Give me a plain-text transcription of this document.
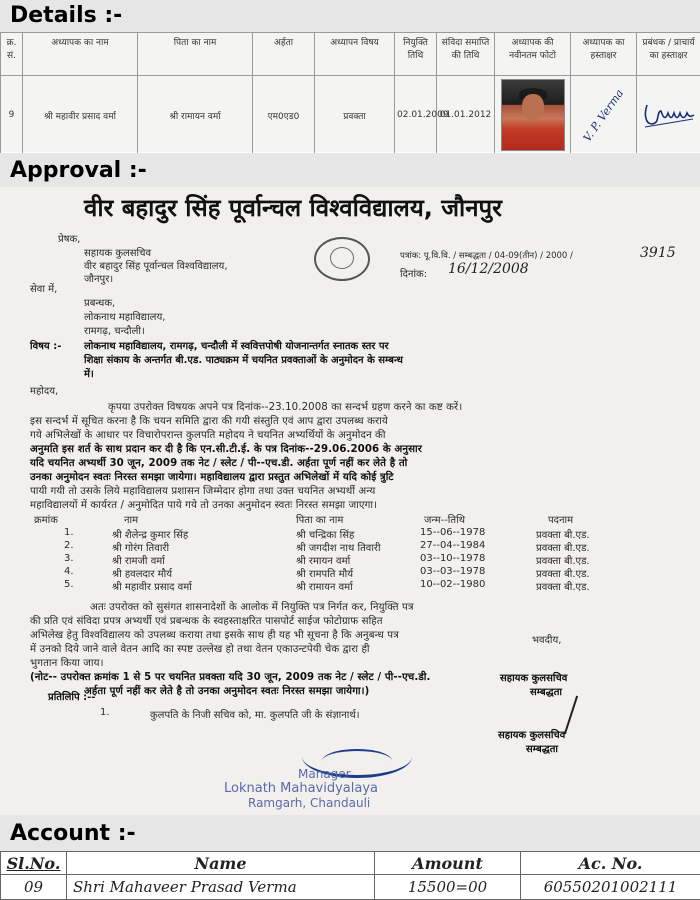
Details :-
क्र. सं.	अध्यापक का नाम	पिता का नाम	अर्हता	अध्यापन विषय	नियुक्ति तिथि	संविदा समाप्ति की तिथि	अध्यापक की नवीनतम फोटो	अध्यापक का हस्ताक्षर	प्रबंधक / प्राचार्य का हस्ताक्षर
9	श्री महावीर प्रसाद वर्मा	श्री रामायन वर्मा	एम0एड0	प्रवक्ता	02.01.2009	01.01.2012		V. P. Verma	
Approval :-
वीर बहादुर सिंह पूर्वान्चल विश्वविद्यालय, जौनपुर
प्रेषक,
सहायक कुलसचिव
वीर बहादुर सिंह पूर्वान्चल विश्वविद्यालय,
जौनपुर।
पत्रांक: पू.वि.वि. / सम्बद्धता / 04-09(तीन) / 2000 /	3915
दिनांक: 16/12/2008
सेवा में,
प्रबन्धक,
लोकनाथ महाविद्यालय,
रामगढ़, चन्दौली।
विषय :- लोकनाथ महाविद्यालय, रामगढ़, चन्दौली में स्ववित्तपोषी योजनान्तर्गत स्नातक स्तर पर
शिक्षा संकाय के अन्तर्गत बी.एड. पाठ्यक्रम में चयनित प्रवक्ताओं के अनुमोदन के सम्बन्ध
में।
महोदय,
कृपया उपरोक्त विषयक अपने पत्र दिनांक--23.10.2008 का सन्दर्भ ग्रहण करने का कष्ट करें।
इस सन्दर्भ में सूचित करना है कि चयन समिति द्वारा की गयी संस्तुति एवं आप द्वारा उपलब्ध कराये
गये अभिलेखों के आधार पर विचारोपरान्त कुलपति महोदय ने चयनित अभ्यर्थियों के अनुमोदन की
अनुमति इस शर्त के साथ प्रदान कर दी है कि एन.सी.टी.ई. के पत्र दिनांक--29.06.2006 के अनुसार
यदि चयनित अभ्यर्थी 30 जून, 2009 तक नेट / स्लेट / पी--एच.डी. अर्हता पूर्ण नहीं कर लेते है तो
उनका अनुमोदन स्वतः निरस्त समझा जायेगा। महाविद्यालय द्वारा प्रस्तुत अभिलेखों में यदि कोई त्रुटि
पायी गयी तो उसके लिये महाविद्यालय प्रशासन जिम्मेदार होगा तथा उक्त चयनित अभ्यर्थी अन्य
महाविद्यालयों में कार्यरत / अनुमोदित पाये गये तो उनका अनुमोदन स्वतः निरस्त समझा जाएगा।
क्रमांक	नाम	पिता का नाम	जन्म--तिथि	पदनाम
1.	श्री शैलेन्द्र कुमार सिंह	श्री चन्द्रिका सिंह	15--06--1978	प्रवक्ता बी.एड.
2.	श्री गोरंग तिवारी	श्री जगदीश नाथ तिवारी	27--04--1984	प्रवक्ता बी.एड.
3.	श्री रामजी वर्मा	श्री रमायन वर्मा	03--10--1978	प्रवक्ता बी.एड.
4.	श्री हवलदार मौर्य	श्री रामपति मौर्य	03--03--1978	प्रवक्ता बी.एड.
5.	श्री महावीर प्रसाद वर्मा	श्री रामायन वर्मा	10--02--1980	प्रवक्ता बी.एड.
अतः उपरोक्त को सुसंगत शासनादेशों के आलोक में नियुक्ति पत्र निर्गत कर, नियुक्ति पत्र
की प्रति एवं संविदा प्रपत्र अभ्यर्थी एवं प्रबन्धक के स्वहस्ताक्षरित पासपोर्ट साईज फोटोग्राफ सहित
अभिलेख हेतु विश्वविद्यालय को उपलब्ध कराया तथा इसके साथ ही यह भी सूचना है कि अनुबन्ध पत्र
में उनको दिये जाने वाले वेतन आदि का स्पष्ट उल्लेख हो तथा वेतन एकाउन्टपेयी चेक द्वारा ही
भुगतान किया जाय।
(नोट-- उपरोक्त क्रमांक 1 से 5 पर चयनित प्रवक्ता यदि 30 जून, 2009 तक नेट / स्लेट / पी--एच.डी.
अर्हता पूर्ण नहीं कर लेते है तो उनका अनुमोदन स्वतः निरस्त समझा जायेगा।)
भवदीय,
सहायक कुलसचिव
सम्बद्धता
प्रतिलिपि :--
1.	कुलपति के निजी सचिव को, मा. कुलपति जी के संज्ञानार्थ।
सहायक कुलसचिव
सम्बद्धता
Manager
Loknath Mahavidyalaya
Ramgarh, Chandauli
Account :-
Sl.No.	Name	Amount	Ac. No.
09	Shri Mahaveer Prasad Verma	15500=00	60550201002111
